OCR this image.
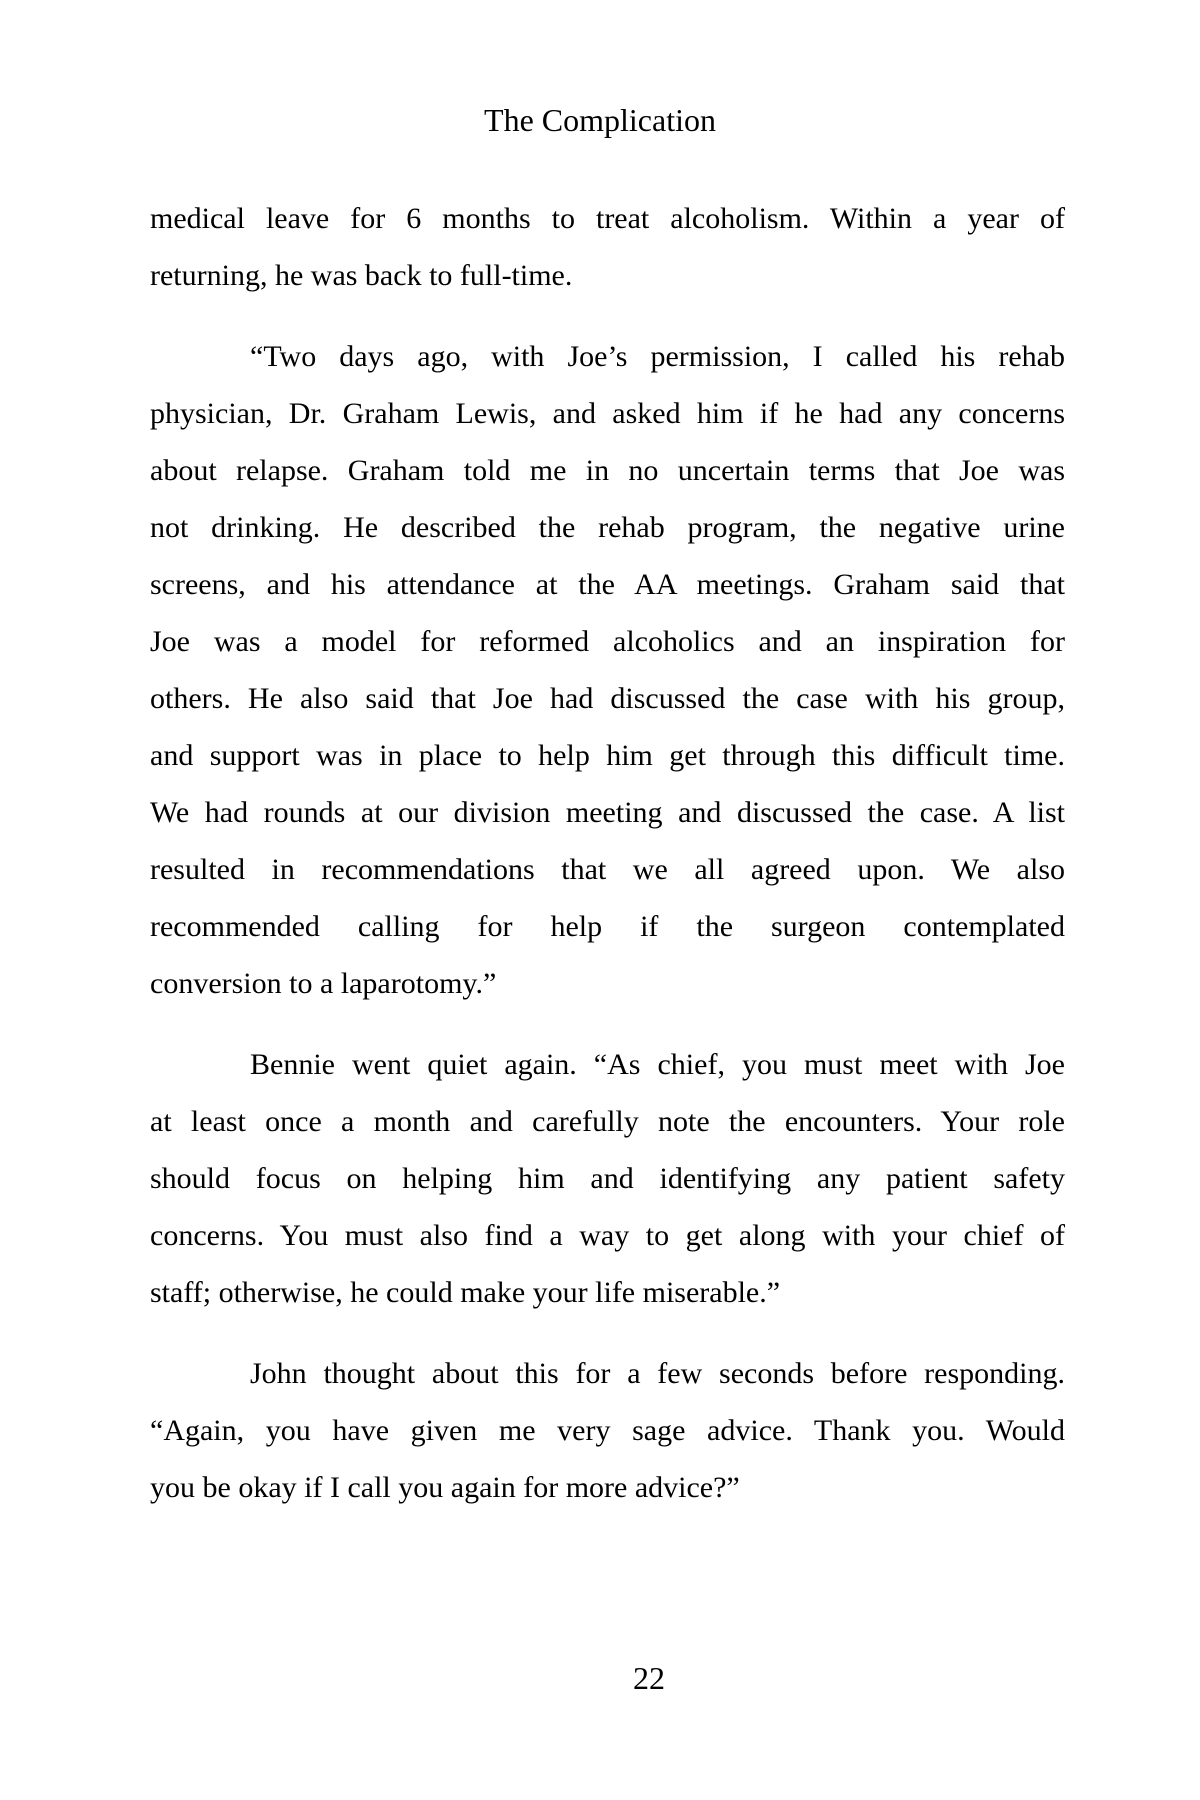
The Complication
medical leave for 6 months to treat alcoholism. Within a year of
returning, he was back to full-time.
“Two days ago, with Joe’s permission, I called his rehab
physician, Dr. Graham Lewis, and asked him if he had any concerns
about relapse. Graham told me in no uncertain terms that Joe was
not drinking. He described the rehab program, the negative urine
screens, and his attendance at the AA meetings. Graham said that
Joe was a model for reformed alcoholics and an inspiration for
others. He also said that Joe had discussed the case with his group,
and support was in place to help him get through this difficult time.
We had rounds at our division meeting and discussed the case. A list
resulted in recommendations that we all agreed upon. We also
recommended calling for help if the surgeon contemplated
conversion to a laparotomy.”
Bennie went quiet again. “As chief, you must meet with Joe
at least once a month and carefully note the encounters. Your role
should focus on helping him and identifying any patient safety
concerns. You must also find a way to get along with your chief of
staff; otherwise, he could make your life miserable.”
John thought about this for a few seconds before responding.
“Again, you have given me very sage advice. Thank you. Would
you be okay if I call you again for more advice?”
22
